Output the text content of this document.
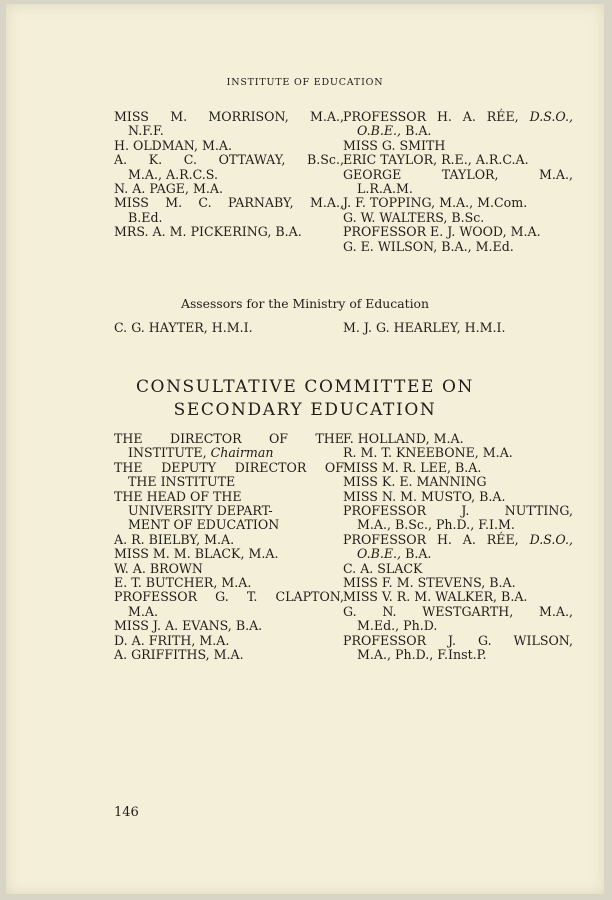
INSTITUTE OF EDUCATION

MISS M. MORRISON, M.A.,
N.F.F.

H. OLDMAN, M.A.

A. K. C. OTTAWAY, B.Sc.,
M.A., A.R.C.S.

N. A. PAGE, M.A.

MISS M. C. PARNABY, M.A.,
B.Ed.

MRS. A. M. PICKERING, B.A.

PROFESSOR H. A. RÉE, D.S.O.,
O.B.E., B.A.

MISS G. SMITH

ERIC TAYLOR, R.E., A.R.C.A.

GEORGE TAYLOR, M.A.,
L.R.A.M.

J. F. TOPPING, M.A., M.Com.

G. W. WALTERS, B.Sc.

PROFESSOR E. J. WOOD, M.A.

G. E. WILSON, B.A., M.Ed.

Assessors for the Ministry of Education
C. G. HAYTER, H.M.I.	M. J. G. HEARLEY, H.M.I.
CONSULTATIVE COMMITTEE ON
SECONDARY EDUCATION

THE DIRECTOR OF THE
INSTITUTE, Chairman

THE DEPUTY DIRECTOR OF
THE INSTITUTE

THE HEAD OF THE
UNIVERSITY DEPART-
MENT OF EDUCATION

A. R. BIELBY, M.A.

MISS M. M. BLACK, M.A.

W. A. BROWN

E. T. BUTCHER, M.A.

PROFESSOR G. T. CLAPTON,
M.A.

MISS J. A. EVANS, B.A.

D. A. FRITH, M.A.

A. GRIFFITHS, M.A.

F. HOLLAND, M.A.

R. M. T. KNEEBONE, M.A.

MISS M. R. LEE, B.A.

MISS K. E. MANNING

MISS N. M. MUSTO, B.A.

PROFESSOR J. NUTTING,
M.A., B.Sc., Ph.D., F.I.M.

PROFESSOR H. A. RÉE, D.S.O.,
O.B.E., B.A.

C. A. SLACK

MISS F. M. STEVENS, B.A.

MISS V. R. M. WALKER, B.A.

G. N. WESTGARTH, M.A.,
M.Ed., Ph.D.

PROFESSOR J. G. WILSON,
M.A., Ph.D., F.Inst.P.

146
